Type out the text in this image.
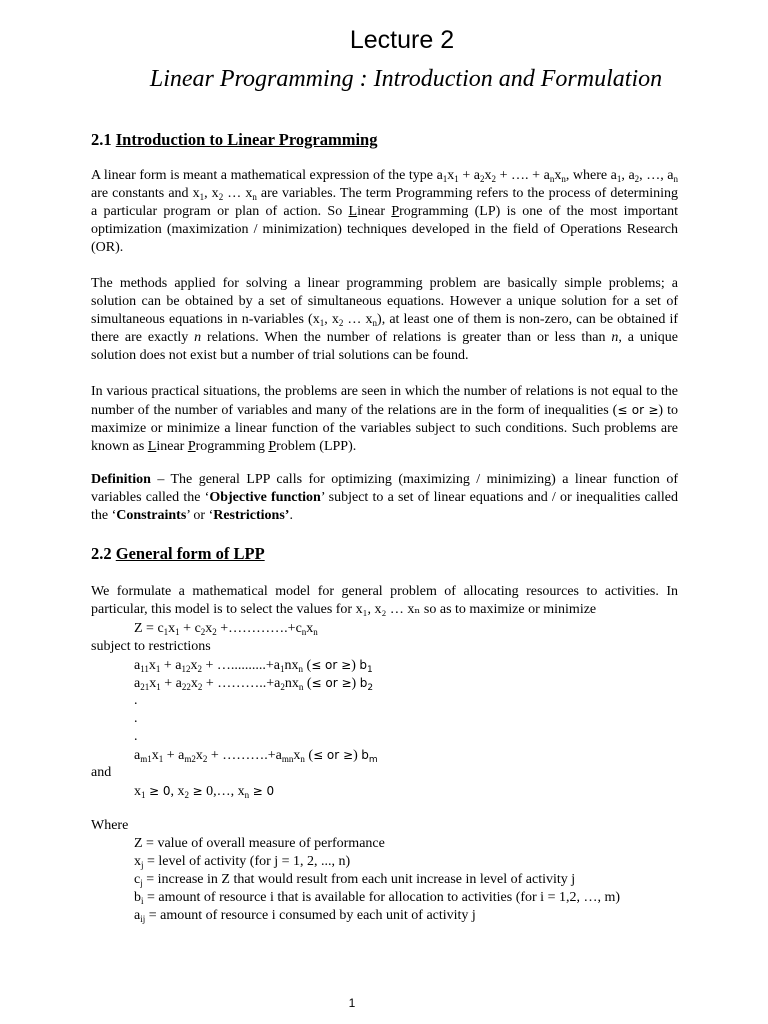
Lecture 2
Linear Programming : Introduction and Formulation
2.1 Introduction to Linear Programming
A linear form is meant a mathematical expression of the type $a_1x_1 + a_2x_2$ + …. + $a_nx_n$, where $a_1$, $a_2$, …, $a_n$ are constants and $x_1$, $x_2$ … $x_n$ are variables. The term Programming refers to the process of determining a particular program or plan of action. So Linear Programming (LP) is one of the most important optimization (maximization / minimization) techniques developed in the field of Operations Research (OR).
The methods applied for solving a linear programming problem are basically simple problems; a solution can be obtained by a set of simultaneous equations. However a unique solution for a set of simultaneous equations in n-variables ($x_1$, $x_2$ … $x_n$), at least one of them is non-zero, can be obtained if there are exactly n relations. When the number of relations is greater than or less than n, a unique solution does not exist but a number of trial solutions can be found.
In various practical situations, the problems are seen in which the number of relations is not equal to the number of the number of variables and many of the relations are in the form of inequalities (≤ or ≥) to maximize or minimize a linear function of the variables subject to such conditions. Such problems are known as Linear Programming Problem (LPP).
Definition – The general LPP calls for optimizing (maximizing / minimizing) a linear function of variables called the ‘Objective function’ subject to a set of linear equations and / or inequalities called the ‘Constraints’ or ‘Restrictions’.
2.2 General form of LPP
We formulate a mathematical model for general problem of allocating resources to activities. In particular, this model is to select the values for x₁, x₂ … xₙ so as to maximize or minimize
$Z = c_1x_1 + c_2x_2$ $+\dots\dots\dots\dots.+c_nx_n$
subject to restrictions
$a_{11}x_1 + a_{12}x_2$ + $\dots..........+a_1nx_n$ (≤ or ≥) $b_1$
$a_{21}x_1 + a_{22}x_2$ + $\dots\dots\dots..+a_2nx_n$ (≤ or ≥) $b_2$
.
.
.
$a_{m1}x_1 + a_{m2}x_2$ + $\dots\dots\dots.+a_{mn}x_n$ (≤ or ≥) $b_m$
and
$x_1 \ge 0$, $x_2$ ≥ 0,…, $x_n \ge 0$
Where
Z = value of overall measure of performance
$x_j$ = level of activity (for j = 1, 2, ..., n)
$c_j$ = increase in Z that would result from each unit increase in level of activity j
$b_i$ = amount of resource i that is available for allocation to activities (for i = 1,2, …, m)
$a_{ij}$ = amount of resource i consumed by each unit of activity j
1
